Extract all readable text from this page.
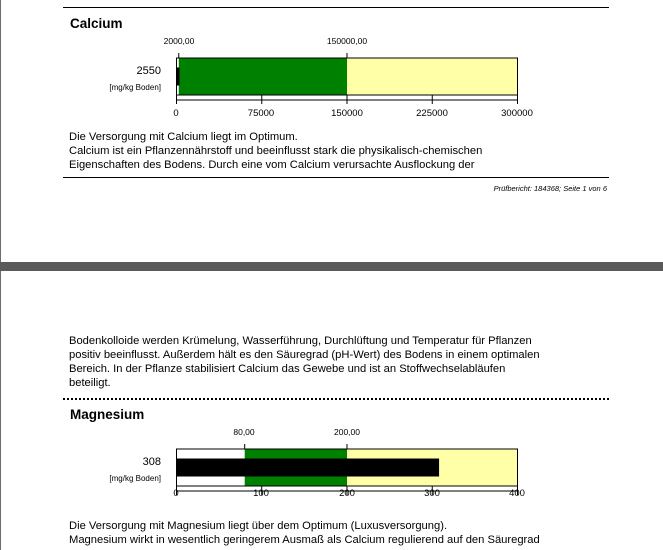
Calcium
2000,00	150000,00
2550
[mg/kg Boden]
0	75000	150000	225000	300000
Die Versorgung mit Calcium liegt im Optimum.
Calcium ist ein Pflanzennährstoff und beeinflusst stark die physikalisch-chemischen
Eigenschaften des Bodens. Durch eine vom Calcium verursachte Ausflockung der
Prüfbericht: 184368; Seite 1 von 6
Bodenkolloide werden Krümelung, Wasserführung, Durchlüftung und Temperatur für Pflanzen
positiv beeinflusst. Außerdem hält es den Säuregrad (pH-Wert) des Bodens in einem optimalen
Bereich. In der Pflanze stabilisiert Calcium das Gewebe und ist an Stoffwechselabläufen
beteiligt.
Magnesium
80,00	200,00
308
[mg/kg Boden]
0	100	200	300	400
Die Versorgung mit Magnesium liegt über dem Optimum (Luxusversorgung).
Magnesium wirkt in wesentlich geringerem Ausmaß als Calcium regulierend auf den Säuregrad
